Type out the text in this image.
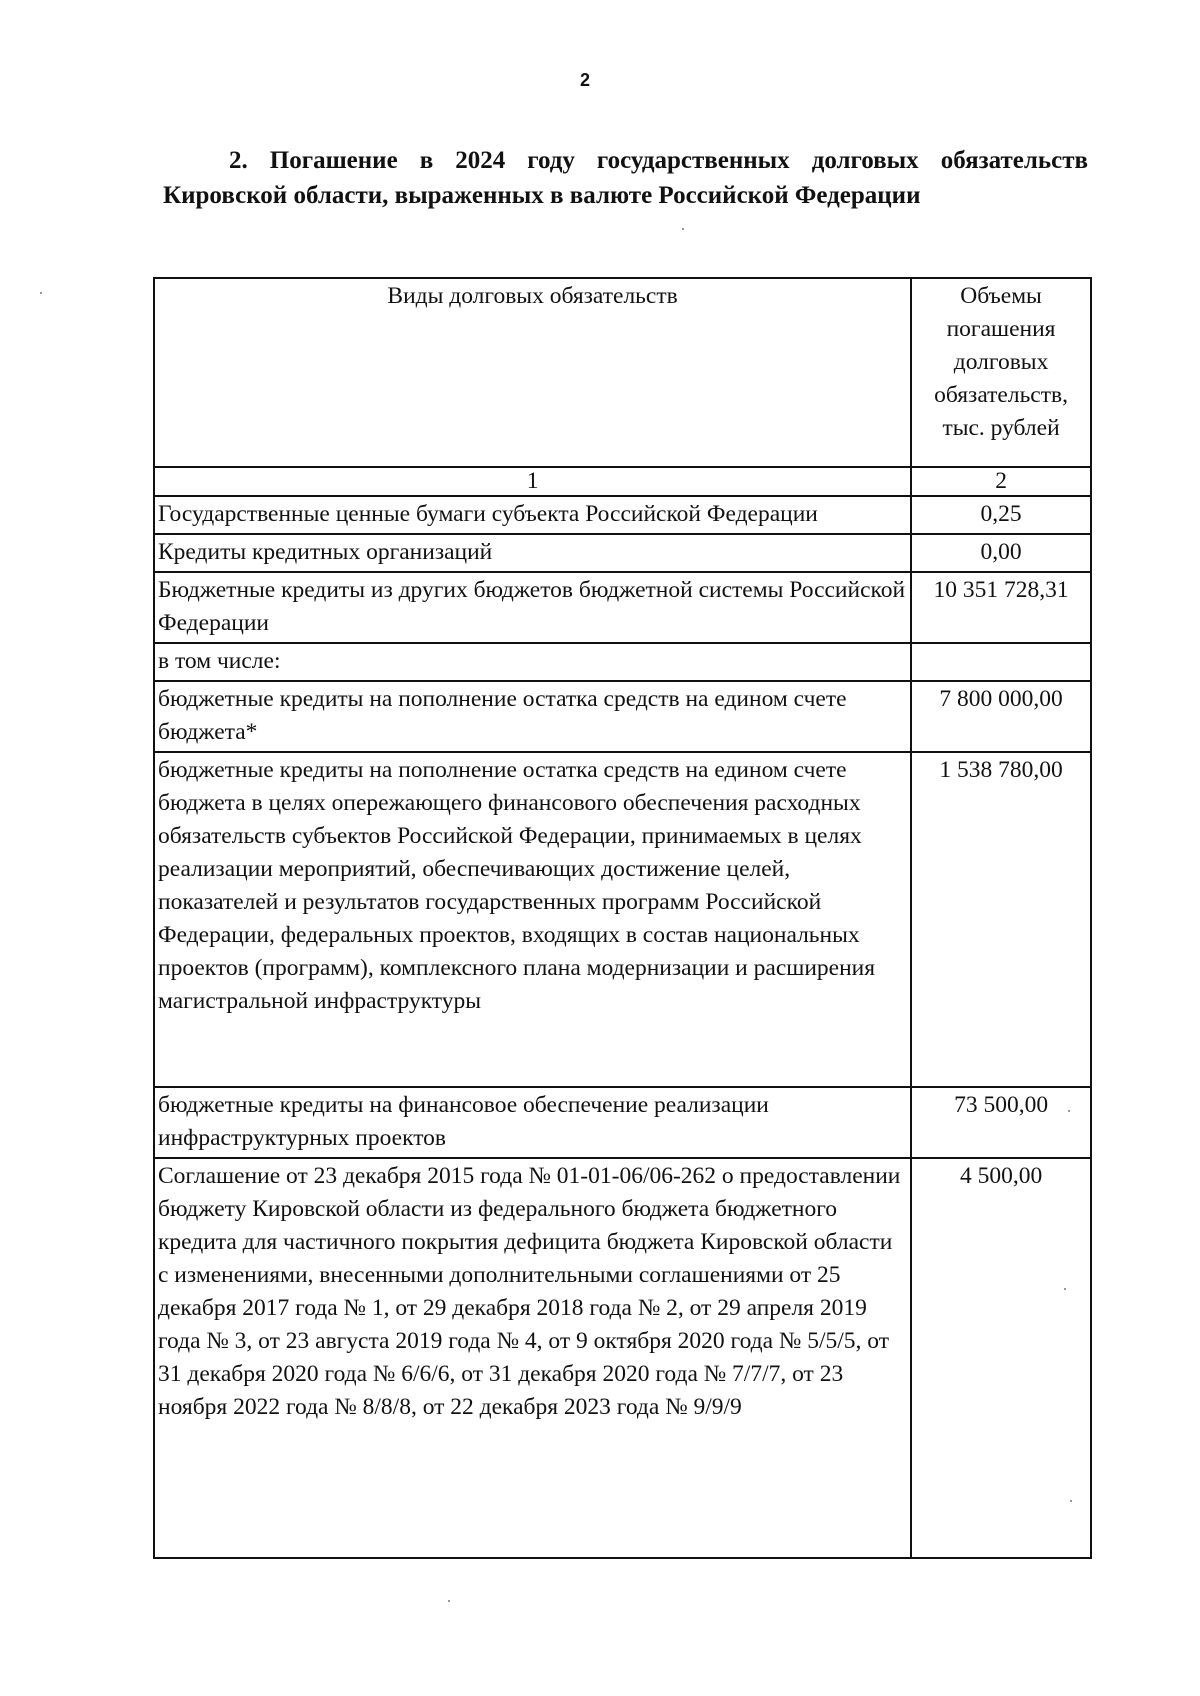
2
2. Погашение в 2024 году государственных долговых обязательств Кировской области, выраженных в валюте Российской Федерации
Виды долговых обязательств	Объемы погашения долговых обязательств, тыс. рублей
1	2
Государственные ценные бумаги субъекта Российской Федерации	0,25
Кредиты кредитных организаций	0,00
Бюджетные кредиты из других бюджетов бюджетной системы Российской Федерации	10 351 728,31
в том числе:	
бюджетные кредиты на пополнение остатка средств на едином счете бюджета*	7 800 000,00
бюджетные кредиты на пополнение остатка средств на едином счете бюджета в целях опережающего финансового обеспечения расходных обязательств субъектов Российской Федерации, принимаемых в целях реализации мероприятий, обеспечивающих достижение целей, показателей и результатов государственных программ Российской Федерации, федеральных проектов, входящих в состав национальных проектов (программ), комплексного плана модернизации и расширения магистральной инфраструктуры	1 538 780,00
бюджетные кредиты на финансовое обеспечение реализации инфраструктурных проектов	73 500,00
Соглашение от 23 декабря 2015 года № 01-01-06/06-262 о предоставлении бюджету Кировской области из федерального бюджета бюджетного кредита для частичного покрытия дефицита бюджета Кировской области с изменениями, внесенными дополнительными соглашениями от 25 декабря 2017 года № 1, от 29 декабря 2018 года № 2, от 29 апреля 2019 года № 3, от 23 августа 2019 года № 4, от 9 октября 2020 года № 5/5/5, от 31 декабря 2020 года № 6/6/6, от 31 декабря 2020 года № 7/7/7, от 23 ноября 2022 года № 8/8/8, от 22 декабря 2023 года № 9/9/9	4 500,00
